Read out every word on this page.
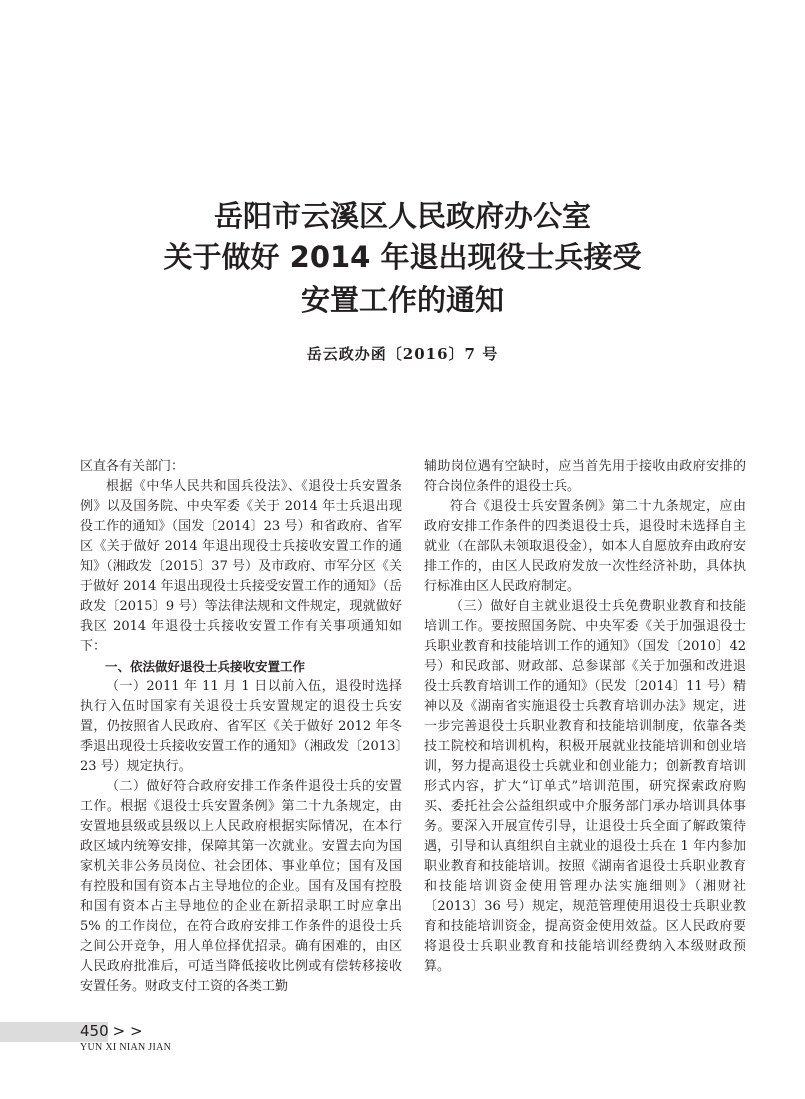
岳阳市云溪区人民政府办公室
关于做好 2014 年退出现役士兵接受
安置工作的通知
岳云政办函〔2016〕7 号

区直各有关部门：

根据《中华人民共和国兵役法》、《退役士兵安置条例》以及国务院、中央军委《关于 2014 年士兵退出现役工作的通知》（国发〔2014〕23 号）和省政府、省军区《关于做好 2014 年退出现役士兵接收安置工作的通知》（湘政发〔2015〕37 号）及市政府、市军分区《关于做好 2014 年退出现役士兵接受安置工作的通知》（岳政发〔2015〕9 号）等法律法规和文件规定，现就做好我区 2014 年退役士兵接收安置工作有关事项通知如下：

一、依法做好退役士兵接收安置工作

（一）2011 年 11 月 1 日以前入伍，退役时选择执行入伍时国家有关退役士兵安置规定的退役士兵安置，仍按照省人民政府、省军区《关于做好 2012 年冬季退出现役士兵接收安置工作的通知》（湘政发〔2013〕23 号）规定执行。

（二）做好符合政府安排工作条件退役士兵的安置工作。根据《退役士兵安置条例》第二十九条规定，由安置地县级或县级以上人民政府根据实际情况，在本行政区域内统筹安排，保障其第一次就业。安置去向为国家机关非公务员岗位、社会团体、事业单位；国有及国有控股和国有资本占主导地位的企业。国有及国有控股和国有资本占主导地位的企业在新招录职工时应拿出 5% 的工作岗位，在符合政府安排工作条件的退役士兵之间公开竞争，用人单位择优招录。确有困难的，由区人民政府批准后，可适当降低接收比例或有偿转移接收安置任务。财政支付工资的各类工勤

辅助岗位遇有空缺时，应当首先用于接收由政府安排的符合岗位条件的退役士兵。

符合《退役士兵安置条例》第二十九条规定，应由政府安排工作条件的四类退役士兵，退役时未选择自主就业（在部队未领取退役金），如本人自愿放弃由政府安排工作的，由区人民政府发放一次性经济补助，具体执行标准由区人民政府制定。

（三）做好自主就业退役士兵免费职业教育和技能培训工作。要按照国务院、中央军委《关于加强退役士兵职业教育和技能培训工作的通知》（国发〔2010〕42 号）和民政部、财政部、总参谋部《关于加强和改进退役士兵教育培训工作的通知》（民发〔2014〕11 号）精神以及《湖南省实施退役士兵教育培训办法》规定，进一步完善退役士兵职业教育和技能培训制度，依靠各类技工院校和培训机构，积极开展就业技能培训和创业培训，努力提高退役士兵就业和创业能力；创新教育培训形式内容，扩大“订单式”培训范围，研究探索政府购买、委托社会公益组织或中介服务部门承办培训具体事务。要深入开展宣传引导，让退役士兵全面了解政策待遇，引导和认真组织自主就业的退役士兵在 1 年内参加职业教育和技能培训。按照《湖南省退役士兵职业教育和技能培训资金使用管理办法实施细则》（湘财社〔2013〕36 号）规定，规范管理使用退役士兵职业教育和技能培训资金，提高资金使用效益。区人民政府要将退役士兵职业教育和技能培训经费纳入本级财政预算。

450 > >
YUN XI NIAN JIAN
